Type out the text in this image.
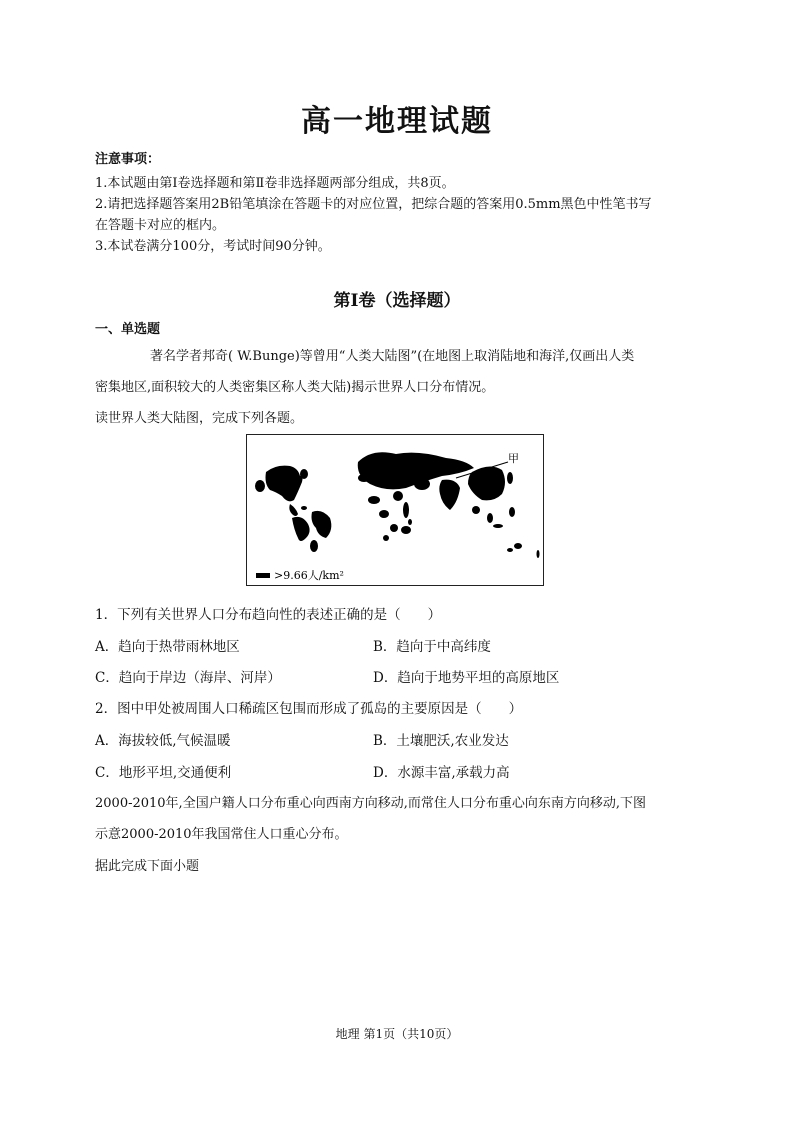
高一地理试题
注意事项：
1.本试题由第Ⅰ卷选择题和第Ⅱ卷非选择题两部分组成，共8页。
2.请把选择题答案用2B铅笔填涂在答题卡的对应位置，把综合题的答案用0.5mm黑色中性笔书写
在答题卡对应的框内。
3.本试卷满分100分，考试时间90分钟。
第Ⅰ卷（选择题）
一、单选题
著名学者邦奇( W.Bunge)等曾用“人类大陆图”(在地图上取消陆地和海洋,仅画出人类
密集地区,面积较大的人类密集区称人类大陆)揭示世界人口分布情况。
读世界人类大陆图，完成下列各题。
甲
>9.66人/km²
1．下列有关世界人口分布趋向性的表述正确的是（　　）
A．趋向于热带雨林地区	B．趋向于中高纬度
C．趋向于岸边（海岸、河岸）	D．趋向于地势平坦的高原地区
2．图中甲处被周围人口稀疏区包围而形成了孤岛的主要原因是（　　）
A．海拔较低,气候温暖	B．土壤肥沃,农业发达
C．地形平坦,交通便利	D．水源丰富,承载力高
2000-2010年,全国户籍人口分布重心向西南方向移动,而常住人口分布重心向东南方向移动,下图
示意2000-2010年我国常住人口重心分布。
据此完成下面小题
地理 第1页（共10页）
